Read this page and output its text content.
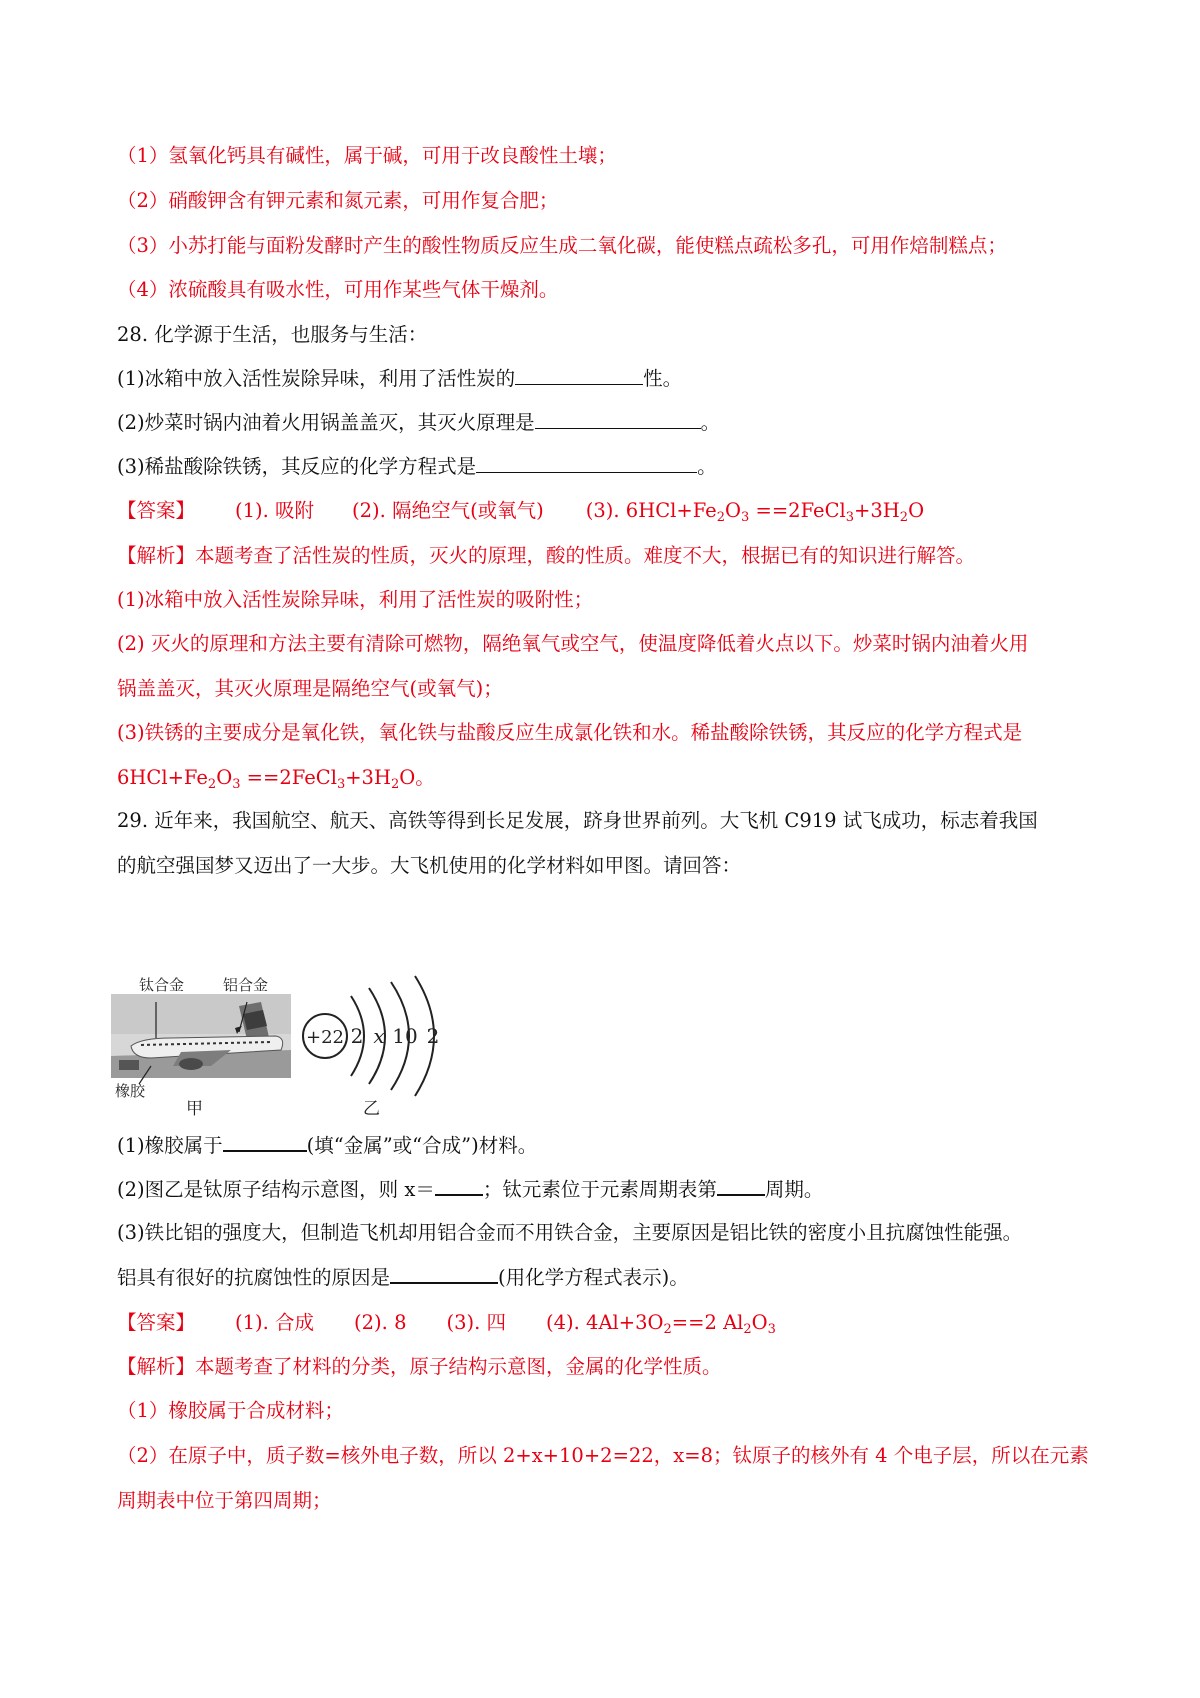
（1）氢氧化钙具有碱性，属于碱，可用于改良酸性土壤；
（2）硝酸钾含有钾元素和氮元素，可用作复合肥；
（3）小苏打能与面粉发酵时产生的酸性物质反应生成二氧化碳，能使糕点疏松多孔，可用作焙制糕点；
（4）浓硫酸具有吸水性，可用作某些气体干燥剂。
28. 化学源于生活，也服务与生活：
(1)冰箱中放入活性炭除异味，利用了活性炭的	性。
(2)炒菜时锅内油着火用锅盖盖灭，其灭火原理是	。
(3)稀盐酸除铁锈，其反应的化学方程式是	。
【答案】 (1). 吸附 (2). 隔绝空气(或氧气) (3). $6HCl+Fe_2O_3$ $==2FeCl_3+3H_2O$
【解析】本题考查了活性炭的性质，灭火的原理，酸的性质。难度不大，根据已有的知识进行解答。
(1)冰箱中放入活性炭除异味，利用了活性炭的吸附性；
(2) 灭火的原理和方法主要有清除可燃物，隔绝氧气或空气，使温度降低着火点以下。炒菜时锅内油着火用
锅盖盖灭，其灭火原理是隔绝空气(或氧气)；
(3)铁锈的主要成分是氧化铁，氧化铁与盐酸反应生成氯化铁和水。稀盐酸除铁锈，其反应的化学方程式是
$6HCl+Fe_2O_3$ $==2FeCl_3+3H_2O$。
29. 近年来，我国航空、航天、高铁等得到长足发展，跻身世界前列。大飞机 C919 试飞成功，标志着我国
的航空强国梦又迈出了一大步。大飞机使用的化学材料如甲图。请回答：
钛合金	铝合金
橡胶
甲
+22 2 x 10 2
乙
(1)橡胶属于	(填“金属”或“合成”)材料。
(2)图乙是钛原子结构示意图，则 x＝ ；钛元素位于元素周期表第 周期。
(3)铁比铝的强度大，但制造飞机却用铝合金而不用铁合金，主要原因是铝比铁的密度小且抗腐蚀性能强。
铝具有很好的抗腐蚀性的原因是	(用化学方程式表示)。
【答案】 (1). 合成 (2). 8 (3). 四 (4). $4Al+3O_2==2$ $Al_2O_3$
【解析】本题考查了材料的分类，原子结构示意图，金属的化学性质。
（1）橡胶属于合成材料；
（2）在原子中，质子数=核外电子数，所以 2+x+10+2=22，x=8；钛原子的核外有 4 个电子层，所以在元素
周期表中位于第四周期；
